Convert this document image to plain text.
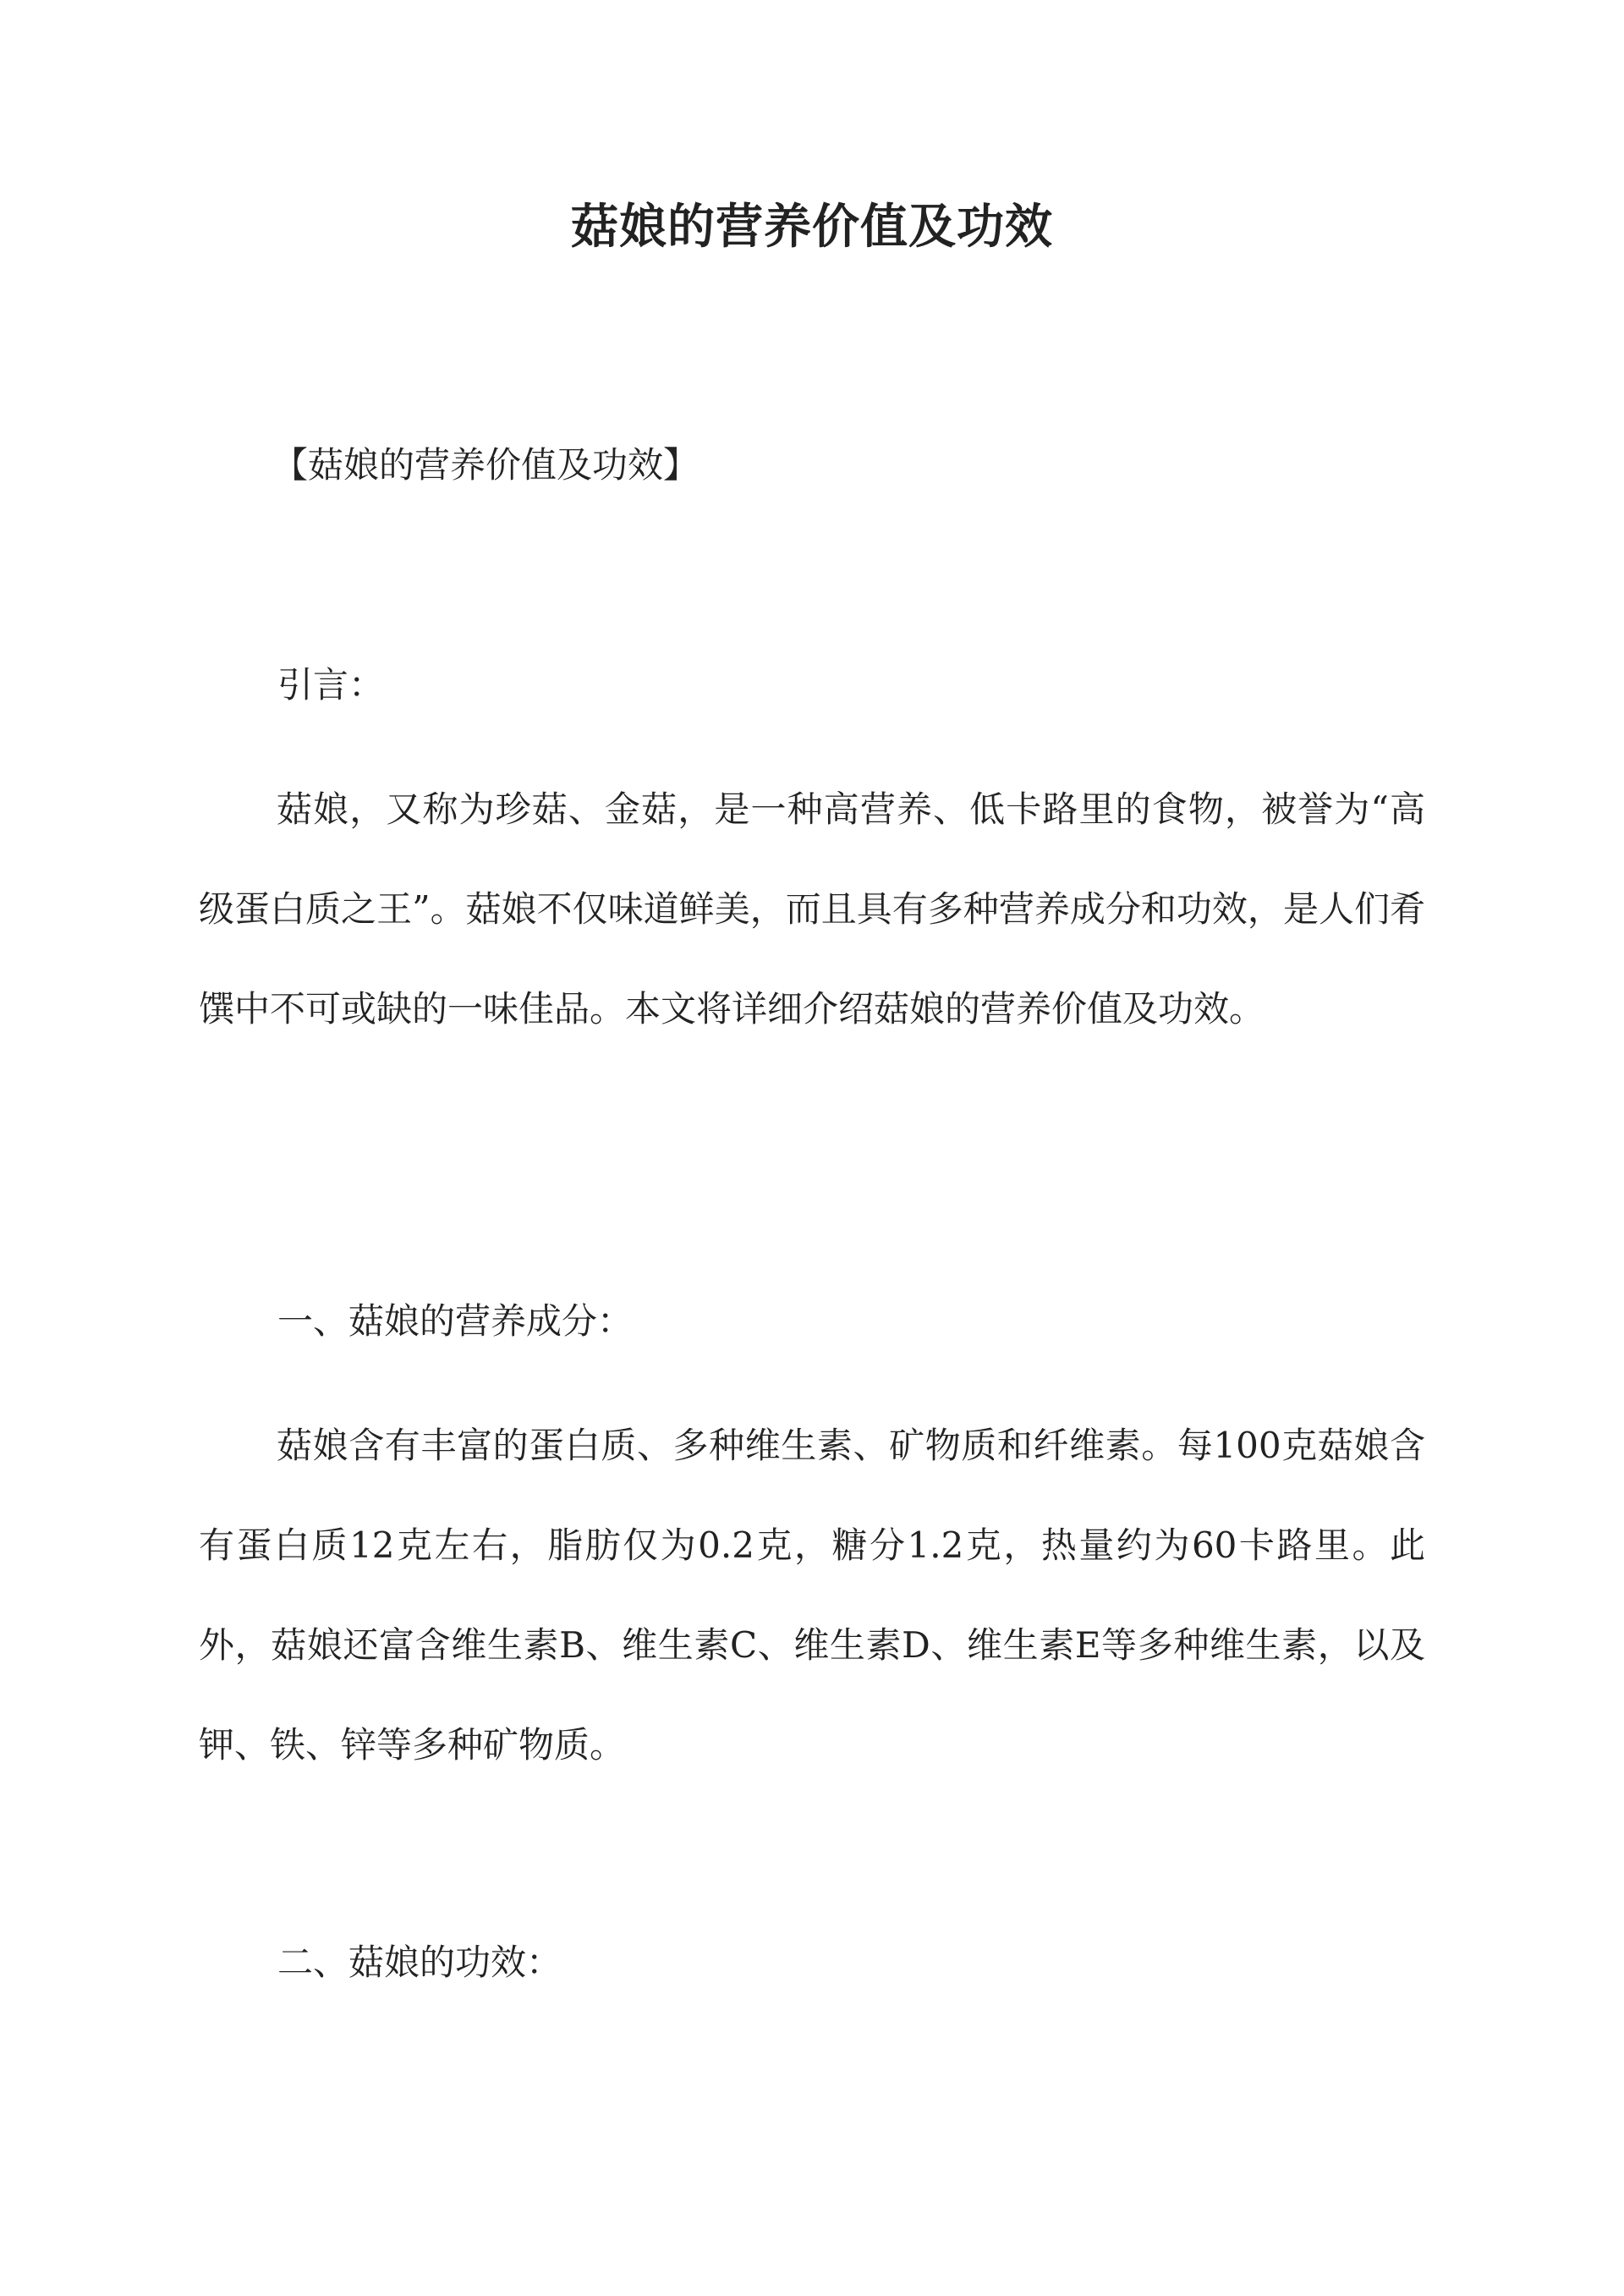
菇娘的营养价值及功效
【菇娘的营养价值及功效】
引言：

菇娘，又称为珍菇、金菇，是一种高营养、低卡路里的食物，被誉为“高级蛋白质之王”。菇娘不仅味道鲜美，而且具有多种营养成分和功效，是人们肴馔中不可或缺的一味佳品。本文将详细介绍菇娘的营养价值及功效。

一、菇娘的营养成分：

菇娘含有丰富的蛋白质、多种维生素、矿物质和纤维素。每100克菇娘含有蛋白质12克左右，脂肪仅为0.2克，糖分1.2克，热量约为60卡路里。此外，菇娘还富含维生素B、维生素C、维生素D、维生素E等多种维生素，以及钾、铁、锌等多种矿物质。

二、菇娘的功效：
